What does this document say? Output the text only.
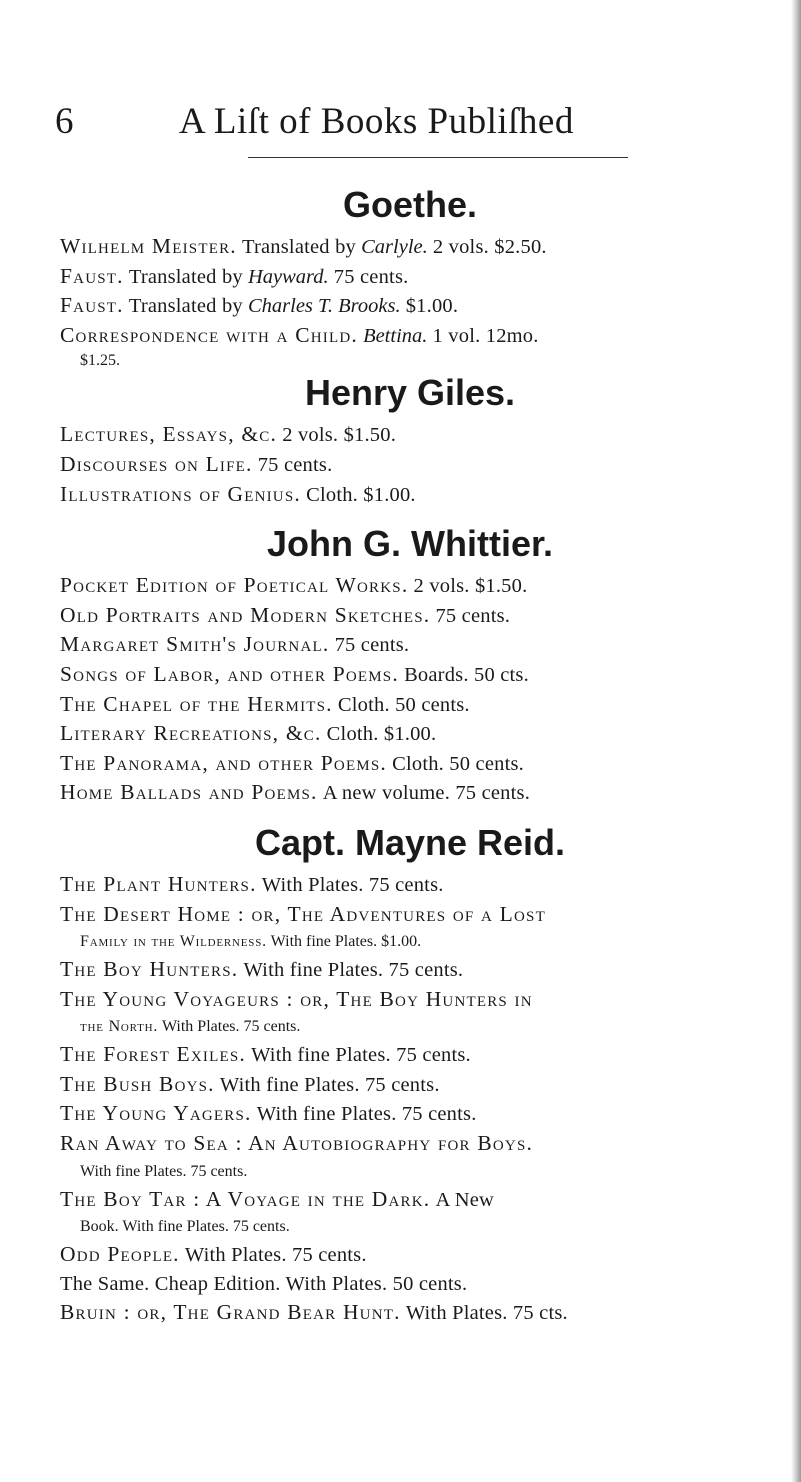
6	A Liſt of Books Publiſhed
Goethe.

Wilhelm Meister. Translated by Carlyle. 2 vols. $2.50.

Faust. Translated by Hayward. 75 cents.

Faust. Translated by Charles T. Brooks. $1.00.

Correspondence with a Child. Bettina. 1 vol. 12mo.

$1.25.

Henry Giles.

Lectures, Essays, &c. 2 vols. $1.50.

Discourses on Life. 75 cents.

Illustrations of Genius. Cloth. $1.00.

John G. Whittier.

Pocket Edition of Poetical Works. 2 vols. $1.50.

Old Portraits and Modern Sketches. 75 cents.

Margaret Smith's Journal. 75 cents.

Songs of Labor, and other Poems. Boards. 50 cts.

The Chapel of the Hermits. Cloth. 50 cents.

Literary Recreations, &c. Cloth. $1.00.

The Panorama, and other Poems. Cloth. 50 cents.

Home Ballads and Poems. A new volume. 75 cents.

Capt. Mayne Reid.

The Plant Hunters. With Plates. 75 cents.

The Desert Home : or, The Adventures of a Lost

Family in the Wilderness. With fine Plates. $1.00.

The Boy Hunters. With fine Plates. 75 cents.

The Young Voyageurs : or, The Boy Hunters in

the North. With Plates. 75 cents.

The Forest Exiles. With fine Plates. 75 cents.

The Bush Boys. With fine Plates. 75 cents.

The Young Yagers. With fine Plates. 75 cents.

Ran Away to Sea : An Autobiography for Boys.

With fine Plates. 75 cents.

The Boy Tar : A Voyage in the Dark. A New

Book. With fine Plates. 75 cents.

Odd People. With Plates. 75 cents.

The Same. Cheap Edition. With Plates. 50 cents.

Bruin : or, The Grand Bear Hunt. With Plates. 75 cts.
